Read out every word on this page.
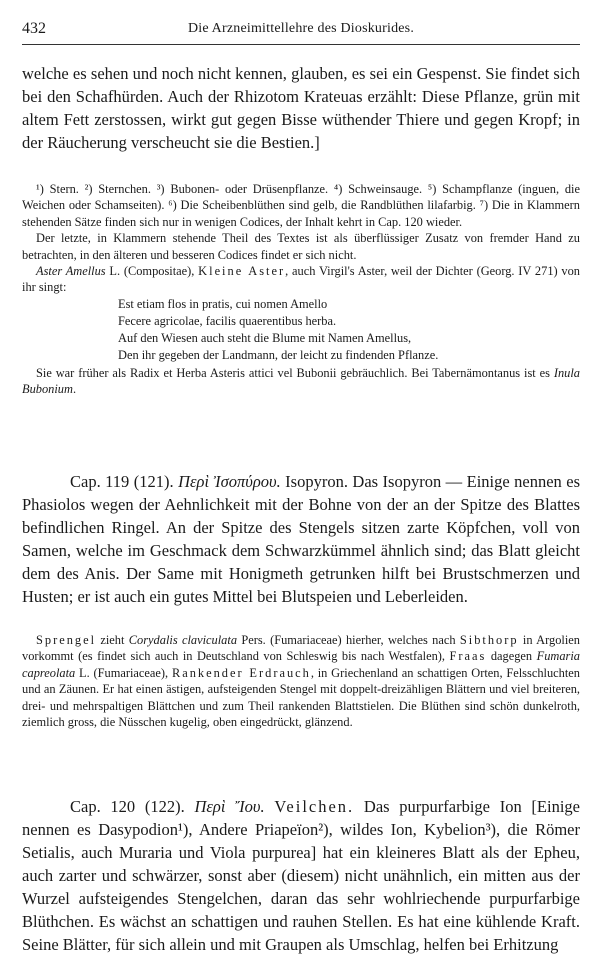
432	Die Arzneimittellehre des Dioskurides.

welche es sehen und noch nicht kennen, glauben, es sei ein Gespenst. Sie findet sich bei den Schafhürden. Auch der Rhizotom Krateuas erzählt: Diese Pflanze, grün mit altem Fett zerstossen, wirkt gut gegen Bisse wüthender Thiere und gegen Kropf; in der Räucherung verscheucht sie die Bestien.]

¹) Stern. ²) Sternchen. ³) Bubonen- oder Drüsenpflanze. ⁴) Schweinsauge. ⁵) Schampflanze (inguen, die Weichen oder Schamseiten). ⁶) Die Scheibenblüthen sind gelb, die Randblüthen lilafarbig. ⁷) Die in Klammern stehenden Sätze finden sich nur in wenigen Codices, der Inhalt kehrt in Cap. 120 wieder.

Der letzte, in Klammern stehende Theil des Textes ist als überflüssiger Zusatz von fremder Hand zu betrachten, in den älteren und besseren Codices findet er sich nicht.

Aster Amellus L. (Compositae), Kleine Aster, auch Virgil's Aster, weil der Dichter (Georg. IV 271) von ihr singt:

Est etiam flos in pratis, cui nomen Amello
Fecere agricolae, facilis quaerentibus herba.
Auf den Wiesen auch steht die Blume mit Namen Amellus,
Den ihr gegeben der Landmann, der leicht zu findenden Pflanze.

Sie war früher als Radix et Herba Asteris attici vel Bubonii gebräuchlich. Bei Tabernämontanus ist es Inula Bubonium.

Cap. 119 (121). Περὶ Ἰσοπύρου. Isopyron. Das Isopyron — Einige nennen es Phasiolos wegen der Aehnlichkeit mit der Bohne von der an der Spitze des Blattes befindlichen Ringel. An der Spitze des Stengels sitzen zarte Köpfchen, voll von Samen, welche im Geschmack dem Schwarzkümmel ähnlich sind; das Blatt gleicht dem des Anis. Der Same mit Honigmeth getrunken hilft bei Brustschmerzen und Husten; er ist auch ein gutes Mittel bei Blutspeien und Leberleiden.

Sprengel zieht Corydalis claviculata Pers. (Fumariaceae) hierher, welches nach Sibthorp in Argolien vorkommt (es findet sich auch in Deutschland von Schleswig bis nach Westfalen), Fraas dagegen Fumaria capreolata L. (Fumariaceae), Rankender Erdrauch, in Griechenland an schattigen Orten, Felsschluchten und an Zäunen. Er hat einen ästigen, aufsteigenden Stengel mit doppelt-dreizähligen Blättern und viel breiteren, drei- und mehrspaltigen Blättchen und zum Theil rankenden Blattstielen. Die Blüthen sind schön dunkelroth, ziemlich gross, die Nüsschen kugelig, oben eingedrückt, glänzend.

Cap. 120 (122). Περὶ Ἴου. Veilchen. Das purpurfarbige Ion [Einige nennen es Dasypodion¹), Andere Priapeïon²), wildes Ion, Kybelion³), die Römer Setialis, auch Muraria und Viola purpurea] hat ein kleineres Blatt als der Epheu, auch zarter und schwärzer, sonst aber (diesem) nicht unähnlich, ein mitten aus der Wurzel aufsteigendes Stengelchen, daran das sehr wohlriechende purpurfarbige Blüthchen. Es wächst an schattigen und rauhen Stellen. Es hat eine kühlende Kraft. Seine Blätter, für sich allein und mit Graupen als Umschlag, helfen bei Erhitzung
